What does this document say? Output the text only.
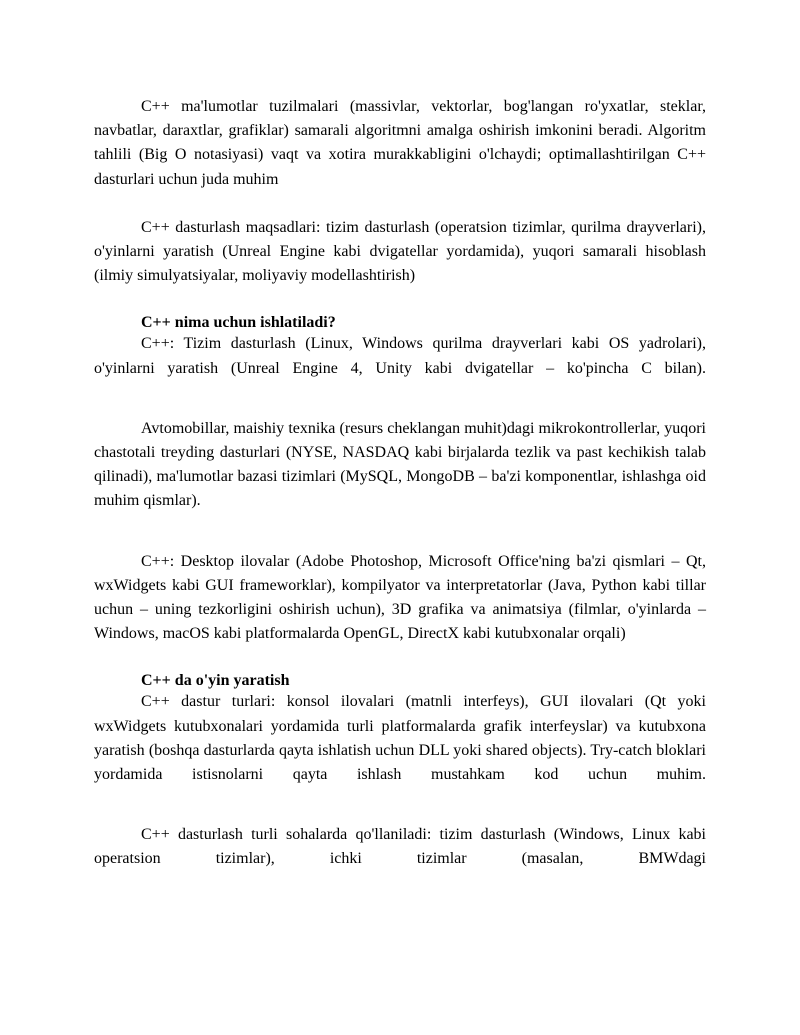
C++ ma'lumotlar tuzilmalari (massivlar, vektorlar, bog'langan ro'yxatlar, steklar, navbatlar, daraxtlar, grafiklar) samarali algoritmni amalga oshirish imkonini beradi. Algoritm tahlili (Big O notasiyasi) vaqt va xotira murakkabligini o'lchaydi; optimallashtirilgan C++ dasturlari uchun juda muhim

C++ dasturlash maqsadlari: tizim dasturlash (operatsion tizimlar, qurilma drayverlari), o'yinlarni yaratish (Unreal Engine kabi dvigatellar yordamida), yuqori samarali hisoblash (ilmiy simulyatsiyalar, moliyaviy modellashtirish)

C++ nima uchun ishlatiladi?

C++: Tizim dasturlash (Linux, Windows qurilma drayverlari kabi OS yadrolari), o'yinlarni yaratish (Unreal Engine 4, Unity kabi dvigatellar – ko'pincha C bilan).

Avtomobillar, maishiy texnika (resurs cheklangan muhit)dagi mikrokontrollerlar, yuqori chastotali treyding dasturlari (NYSE, NASDAQ kabi birjalarda tezlik va past kechikish talab qilinadi), ma'lumotlar bazasi tizimlari (MySQL, MongoDB – ba'zi komponentlar, ishlashga oid muhim qismlar).

C++: Desktop ilovalar (Adobe Photoshop, Microsoft Office'ning ba'zi qismlari – Qt, wxWidgets kabi GUI frameworklar), kompilyator va interpretatorlar (Java, Python kabi tillar uchun – uning tezkorligini oshirish uchun), 3D grafika va animatsiya (filmlar, o'yinlarda – Windows, macOS kabi platformalarda OpenGL, DirectX kabi kutubxonalar orqali)

C++ da o'yin yaratish

C++ dastur turlari: konsol ilovalari (matnli interfeys), GUI ilovalari (Qt yoki wxWidgets kutubxonalari yordamida turli platformalarda grafik interfeyslar) va kutubxona yaratish (boshqa dasturlarda qayta ishlatish uchun DLL yoki shared objects). Try-catch bloklari yordamida istisnolarni qayta ishlash mustahkam kod uchun muhim.

C++ dasturlash turli sohalarda qo'llaniladi: tizim dasturlash (Windows, Linux kabi operatsion tizimlar), ichki tizimlar (masalan, BMWdagi
